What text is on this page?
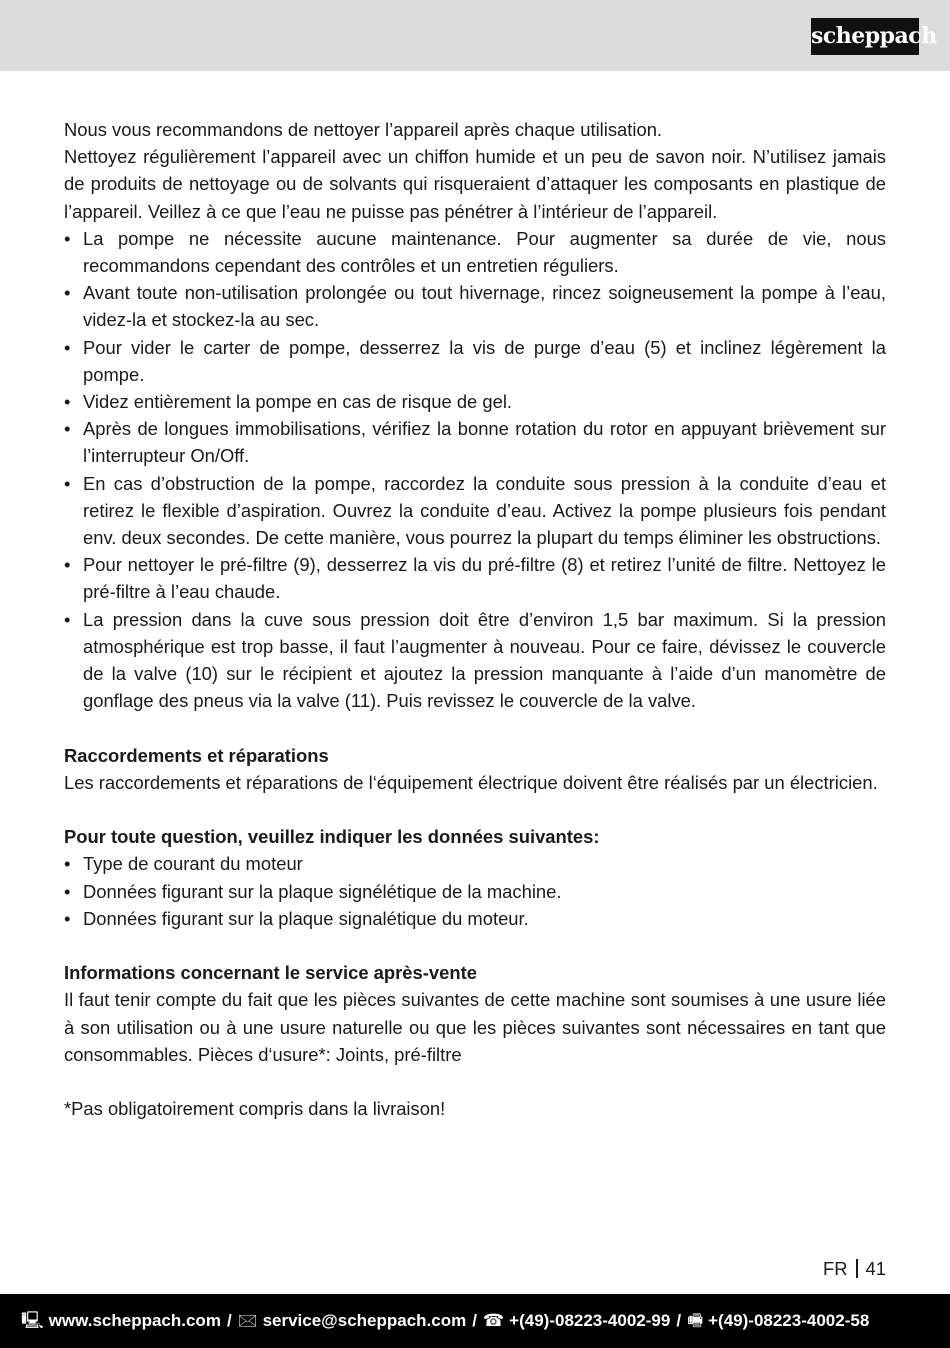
scheppach

Nous vous recommandons de nettoyer l’appareil après chaque utilisation.

Nettoyez régulièrement l’appareil avec un chiffon humide et un peu de savon noir. N’utilisez jamais de produits de nettoyage ou de solvants qui risqueraient d’attaquer les composants en plastique de l’appareil. Veillez à ce que l’eau ne puisse pas pénétrer à l’intérieur de l’appareil.

• La pompe ne nécessite aucune maintenance. Pour augmenter sa durée de vie, nous recommandons cependant des contrôles et un entretien réguliers.
• Avant toute non-utilisation prolongée ou tout hivernage, rincez soigneusement la pompe à l’eau, videz-la et stockez-la au sec.
• Pour vider le carter de pompe, desserrez la vis de purge d’eau (5) et inclinez légèrement la pompe.
• Videz entièrement la pompe en cas de risque de gel.
• Après de longues immobilisations, vérifiez la bonne rotation du rotor en appuyant brièvement sur l’interrupteur On/Off.
• En cas d’obstruction de la pompe, raccordez la conduite sous pression à la conduite d’eau et retirez le flexible d’aspiration. Ouvrez la conduite d’eau. Activez la pompe plusieurs fois pendant env. deux secondes. De cette manière, vous pourrez la plupart du temps éliminer les obstructions.
• Pour nettoyer le pré-filtre (9), desserrez la vis du pré-filtre (8) et retirez l’unité de filtre. Nettoyez le pré-filtre à l’eau chaude.
• La pression dans la cuve sous pression doit être d’environ 1,5 bar maximum. Si la pression atmosphérique est trop basse, il faut l’augmenter à nouveau. Pour ce faire, dévissez le couvercle de la valve (10) sur le récipient et ajoutez la pression manquante à l’aide d’un manomètre de gonflage des pneus via la valve (11). Puis revissez le couvercle de la valve.
Raccordements et réparations

Les raccordements et réparations de l‘équipement électrique doivent être réalisés par un électricien.

Pour toute question, veuillez indiquer les données suivantes:
• Type de courant du moteur
• Données figurant sur la plaque signélétique de la machine.
• Données figurant sur la plaque signalétique du moteur.
Informations concernant le service après-vente

Il faut tenir compte du fait que les pièces suivantes de cette machine sont soumises à une usure liée à son utilisation ou à une usure naturelle ou que les pièces suivantes sont nécessaires en tant que consommables. Pièces d‘usure*: Joints, pré-filtre

*Pas obligatoirement compris dans la livraison!

FR 41
🖳 www.scheppach.com / 🖂 service@scheppach.com / ☎ +(49)-08223-4002-99 / 🖷 +(49)-08223-4002-58
